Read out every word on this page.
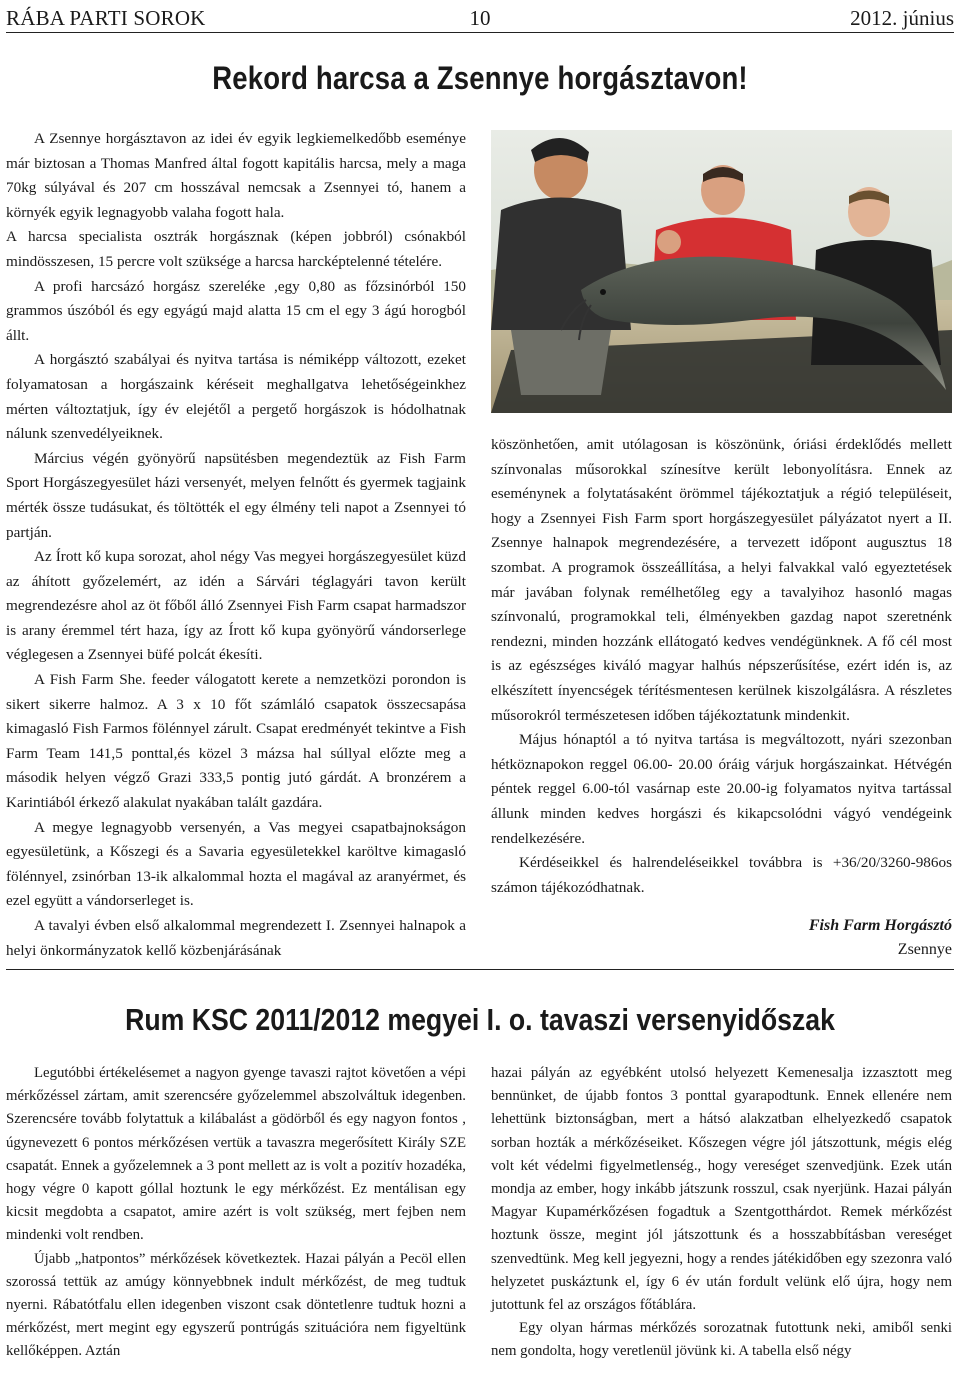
RÁBA PARTI SOROK	10	2012. június
Rekord harcsa a Zsennye horgásztavon!

A Zsennye horgásztavon az idei év egyik legkiemelkedőbb eseménye már biztosan a Thomas Manfred által fogott kapitális harcsa, mely a maga 70kg súlyával és 207 cm hosszával nemcsak a Zsennyei tó, hanem a környék egyik legnagyobb valaha fogott hala.

A harcsa specialista osztrák horgásznak (képen jobbról) csónakból mindösszesen, 15 percre volt szüksége a harcsa harcképtelenné tételére.

A profi harcsázó horgász szereléke ,egy 0,80 as főzsinórból 150 grammos úszóból és egy egyágú majd alatta 15 cm el egy 3 ágú horogból állt.

A horgásztó szabályai és nyitva tartása is némiképp változott, ezeket folyamatosan a horgászaink kéréseit meghallgatva lehetőségeinkhez mérten változtatjuk, így év elejétől a pergető horgászok is hódolhatnak nálunk szenvedélyeiknek.

Március végén gyönyörű napsütésben megendeztük az Fish Farm Sport Horgászegyesület házi versenyét, melyen felnőtt és gyermek tagjaink mérték össze tudásukat, és töltötték el egy élmény teli napot a Zsennyei tó partján.

Az Írott kő kupa sorozat, ahol négy Vas megyei horgászegyesület küzd az áhított győzelemért, az idén a Sárvári téglagyári tavon került megrendezésre ahol az öt főből álló Zsennyei Fish Farm csapat harmadszor is arany éremmel tért haza, így az Írott kő kupa gyönyörű vándorserlege véglegesen a Zsennyei büfé polcát ékesíti.

A Fish Farm She. feeder válogatott kerete a nemzetközi porondon is sikert sikerre halmoz. A 3 x 10 főt számláló csapatok összecsapása kimagasló Fish Farmos fölénnyel zárult. Csapat eredményét tekintve a Fish Farm Team 141,5 ponttal,és közel 3 mázsa hal súllyal előzte meg a második helyen végző Grazi 333,5 pontig jutó gárdát. A bronzérem a Karintiából érkező alakulat nyakában talált gazdára.

A megye legnagyobb versenyén, a Vas megyei csapatbajnokságon egyesületünk, a Kőszegi és a Savaria egyesületekkel karöltve kimagasló fölénnyel, zsinórban 13-ik alkalommal hozta el magával az aranyérmet, és ezel együtt a vándorserleget is.

A tavalyi évben első alkalommal megrendezett I. Zsennyei halnapok a helyi önkormányzatok kellő közbenjárásának

köszönhetően, amit utólagosan is köszönünk, óriási érdeklődés mellett színvonalas műsorokkal színesítve került lebonyolításra. Ennek az eseménynek a folytatásaként örömmel tájékoztatjuk a régió településeit, hogy a Zsennyei Fish Farm sport horgászegyesület pályázatot nyert a II. Zsennye halnapok megrendezésére, a tervezett időpont augusztus 18 szombat. A programok összeállítása, a helyi falvakkal való egyeztetések már javában folynak remélhetőleg egy a tavalyihoz hasonló magas színvonalú, programokkal teli, élményekben gazdag napot szeretnénk rendezni, minden hozzánk ellátogató kedves vendégünknek. A fő cél most is az egészséges kiváló magyar halhús népszerűsítése, ezért idén is, az elkészített ínyencségek térítésmentesen kerülnek kiszolgálásra. A részletes műsorokról természetesen időben tájékoztatunk mindenkit.

Május hónaptól a tó nyitva tartása is megváltozott, nyári szezonban hétköznapokon reggel 06.00- 20.00 óráig várjuk horgászainkat. Hétvégén péntek reggel 6.00-tól vasárnap este 20.00-ig folyamatos nyitva tartással állunk minden kedves horgászi és kikapcsolódni vágyó vendégeink rendelkezésére.

Kérdéseikkel és halrendeléseikkel továbbra is +36/20/3260-986os számon tájékozódhatnak.

Fish Farm Horgásztó
Zsennye
Rum KSC 2011/2012 megyei I. o. tavaszi versenyidőszak

Legutóbbi értékelésemet a nagyon gyenge tavaszi rajtot követően a vépi mérkőzéssel zártam, amit szerencsére győzelemmel abszolváltuk idegenben. Szerencsére tovább folytattuk a kilábalást a gödörből és egy nagyon fontos , úgynevezett 6 pontos mérkőzésen vertük a tavaszra megerősített Király SZE csapatát. Ennek a győzelemnek a 3 pont mellett az is volt a pozitív hozadéka, hogy végre 0 kapott góllal hoztunk le egy mérkőzést. Ez mentálisan egy kicsit megdobta a csapatot, amire azért is volt szükség, mert fejben nem mindenki volt rendben.

Újabb „hatpontos” mérkőzések következtek. Hazai pályán a Pecöl ellen szorossá tettük az amúgy könnyebbnek indult mérkőzést, de meg tudtuk nyerni. Rábatótfalu ellen idegenben viszont csak döntetlenre tudtuk hozni a mérkőzést, mert megint egy egyszerű pontrúgás szituációra nem figyeltünk kellőképpen. Aztán

hazai pályán az egyébként utolsó helyezett Kemenesalja izzasztott meg bennünket, de újabb fontos 3 ponttal gyarapodtunk. Ennek ellenére nem lehettünk biztonságban, mert a hátsó alakzatban elhelyezkedő csapatok sorban hozták a mérkőzéseiket. Kőszegen végre jól játszottunk, mégis elég volt két védelmi figyelmetlenség., hogy vereséget szenvedjünk. Ezek után mondja az ember, hogy inkább játszunk rosszul, csak nyerjünk. Hazai pályán Magyar Kupamérkőzésen fogadtuk a Szentgotthárdot. Remek mérkőzést hoztunk össze, megint jól játszottunk és a hosszabbításban vereséget szenvedtünk. Meg kell jegyezni, hogy a rendes játékidőben egy szezonra való helyzetet puskáztunk el, így 6 év után fordult velünk elő újra, hogy nem jutottunk fel az országos főtáblára.

Egy olyan hármas mérkőzés sorozatnak futottunk neki, amiből senki nem gondolta, hogy veretlenül jövünk ki. A tabella első négy
